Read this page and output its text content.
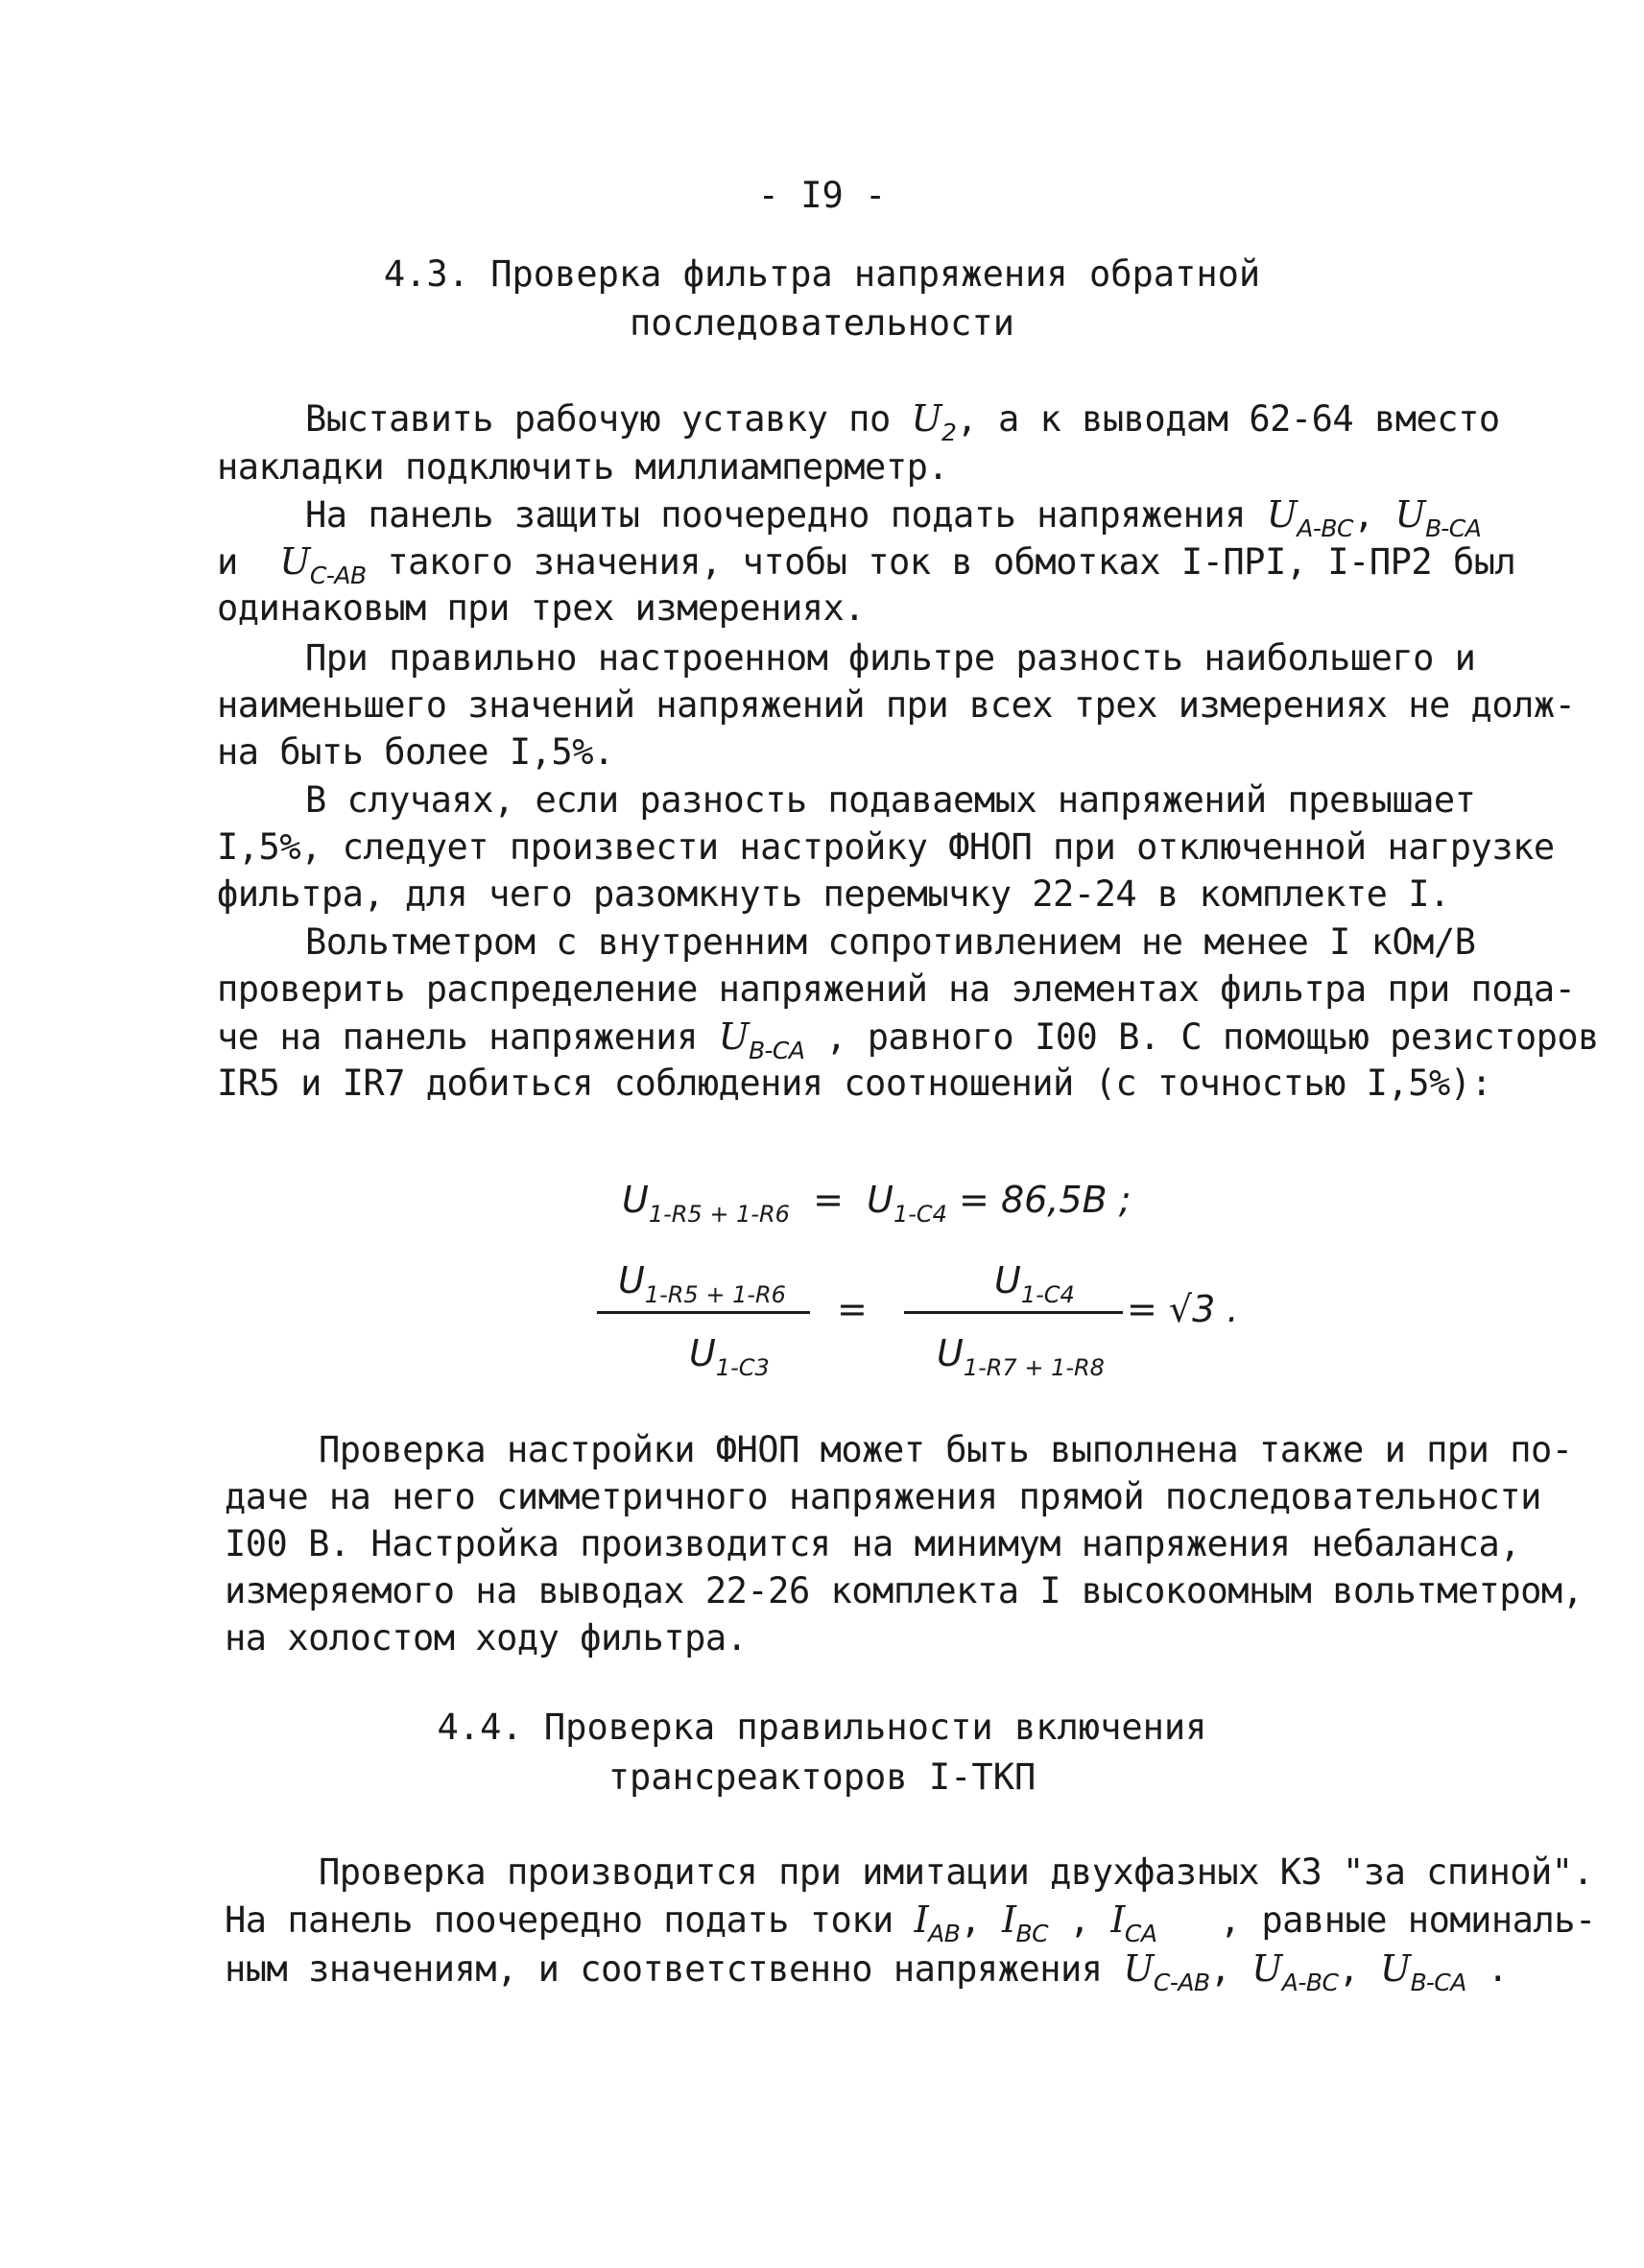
- I9 -
4.3. Проверка фильтра напряжения обратной
последовательности
Выставить рабочую уставку по $U_2$, а к выводам 62-64 вместо
накладки подключить миллиамперметр.
На панель защиты поочередно подать напряжения $U_{A-BC}$, $U_{B-CA}$
и  $U_{C-AB}$ такого значения, чтобы ток в обмотках I-ПРI, I-ПР2 был
одинаковым при трех измерениях.
При правильно настроенном фильтре разность наибольшего и
наименьшего значений напряжений при всех трех измерениях не долж-
на быть более I,5%.
В случаях, если разность подаваемых напряжений превышает
I,5%, следует произвести настройку ФНОП при отключенной нагрузке
фильтра, для чего разомкнуть перемычку 22-24 в комплекте I.
Вольтметром с внутренним сопротивлением не менее I кОм/В
проверить распределение напряжений на элементах фильтра при пода-
че на панель напряжения $U_{B-CA}$ , равного I00 В. С помощью резисторов
IR5 и IR7 добиться соблюдения соотношений (с точностью I,5%):
$U_{1-R5 + 1-R6} = U_{1-C4} = 86,5B$ ;
$U_{1-R5 + 1-R6}$
$U_{1-C3}$
=
$U_{1-C4}$
$U_{1-R7 + 1-R8}$
= √3 .
Проверка настройки ФНОП может быть выполнена также и при по-
даче на него симметричного напряжения прямой последовательности
I00 В. Настройка производится на минимум напряжения небаланса,
измеряемого на выводах 22-26 комплекта I высокоомным вольтметром,
на холостом ходу фильтра.
4.4. Проверка правильности включения
трансреакторов I-ТКП
Проверка производится при имитации двухфазных КЗ "за спиной".
На панель поочередно подать токи $I_{AB}$, $I_{BC}$ , $I_{CA}$   , равные номиналь-
ным значениям, и соответственно напряжения $U_{C-AB}$, $U_{A-BC}$, $U_{B-CA}$ .
